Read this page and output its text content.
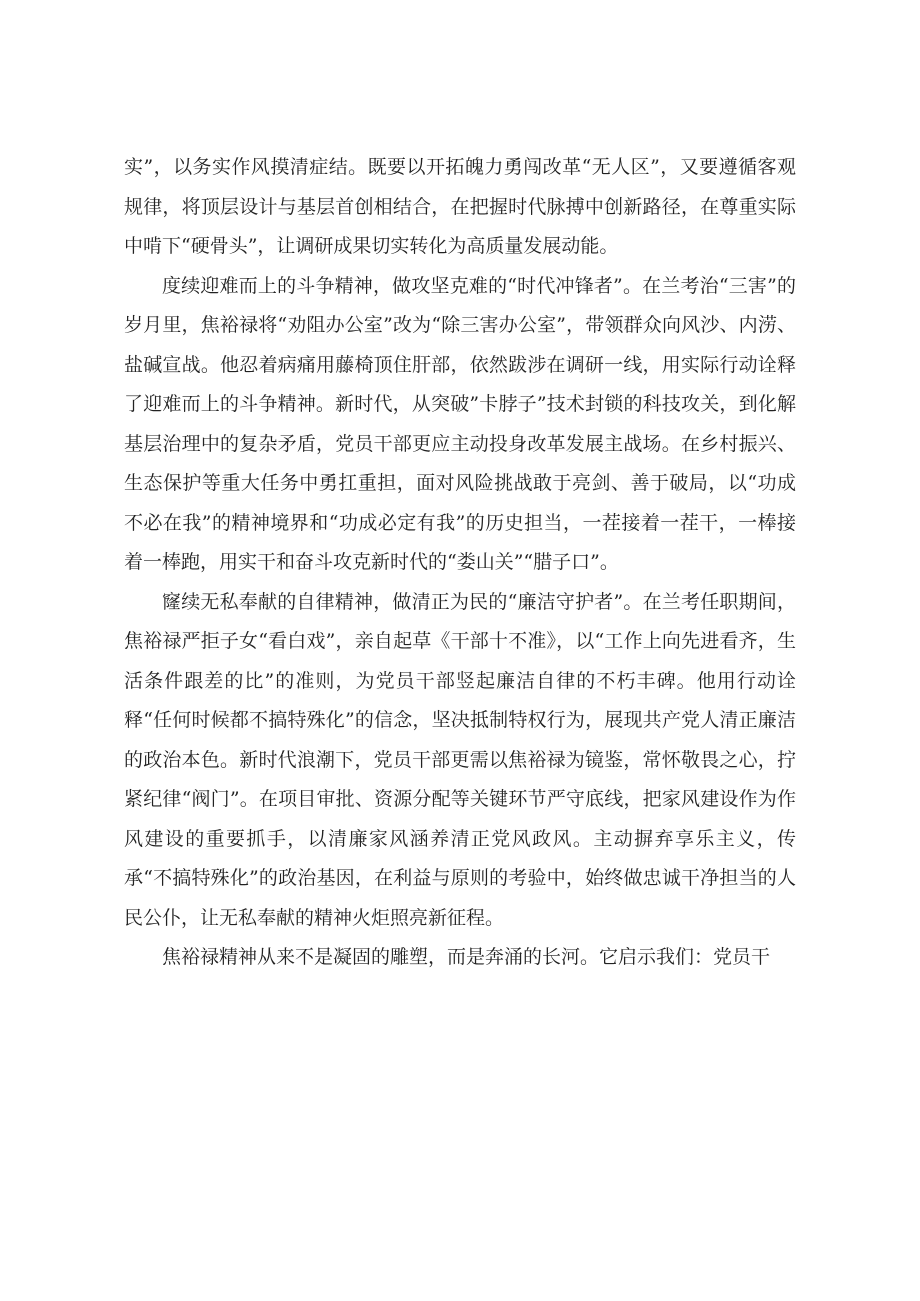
实”，以务实作风摸清症结。既要以开拓魄力勇闯改革“无人区”，又要遵循客观规律，将顶层设计与基层首创相结合，在把握时代脉搏中创新路径，在尊重实际中啃下“硬骨头”，让调研成果切实转化为高质量发展动能。

度续迎难而上的斗争精神，做攻坚克难的“时代冲锋者”。在兰考治“三害”的岁月里，焦裕禄将“劝阻办公室”改为“除三害办公室”，带领群众向风沙、内涝、盐碱宣战。他忍着病痛用藤椅顶住肝部，依然跋涉在调研一线，用实际行动诠释了迎难而上的斗争精神。新时代，从突破”卡脖子”技术封锁的科技攻关，到化解基层治理中的复杂矛盾，党员干部更应主动投身改革发展主战场。在乡村振兴、生态保护等重大任务中勇扛重担，面对风险挑战敢于亮剑、善于破局，以“功成不必在我”的精神境界和“功成必定有我”的历史担当，一茬接着一茬干，一棒接着一棒跑，用实干和奋斗攻克新时代的“娄山关”“腊子口”。

窿续无私奉献的自律精神，做清正为民的“廉洁守护者”。在兰考任职期间，焦裕禄严拒子女“看白戏”，亲自起草《干部十不准》，以“工作上向先进看齐，生活条件跟差的比”的准则，为党员干部竖起廉洁自律的不朽丰碑。他用行动诠释“任何时候都不搞特殊化”的信念，坚决抵制特权行为，展现共产党人清正廉洁的政治本色。新时代浪潮下，党员干部更需以焦裕禄为镜鉴，常怀敬畏之心，拧紧纪律“阀门”。在项目审批、资源分配等关键环节严守底线，把家风建设作为作风建设的重要抓手，以清廉家风涵养清正党风政风。主动摒弃享乐主义，传承“不搞特殊化”的政治基因，在利益与原则的考验中，始终做忠诚干净担当的人民公仆，让无私奉献的精神火炬照亮新征程。

焦裕禄精神从来不是凝固的雕塑，而是奔涌的长河。它启示我们：党员干
